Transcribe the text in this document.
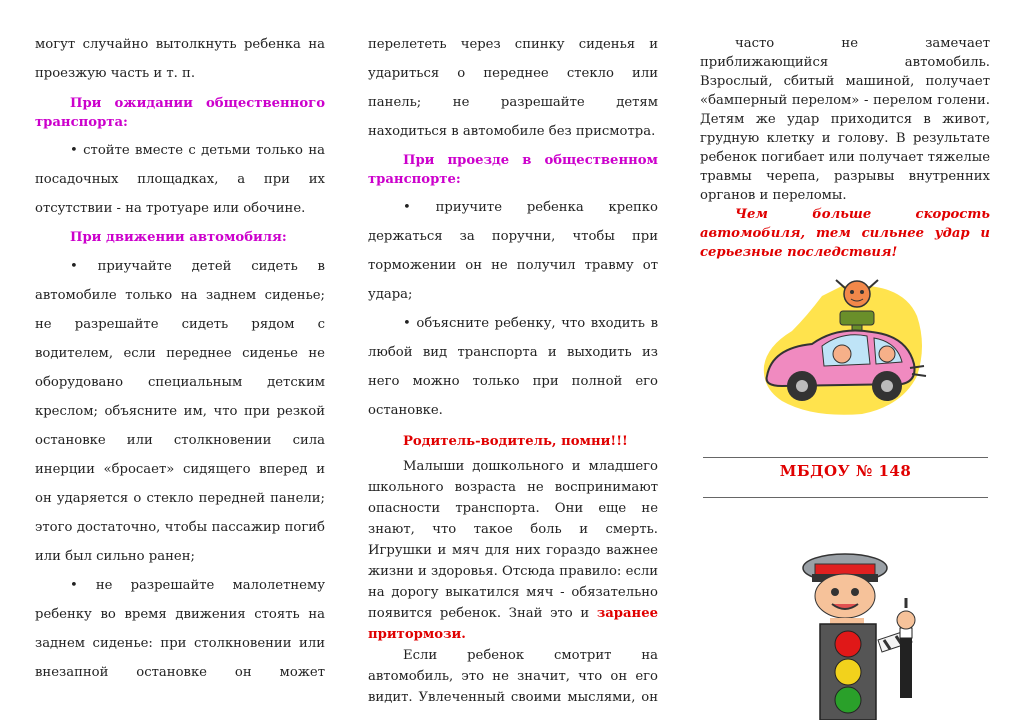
могут случайно вытолкнуть ребенка на проезжую часть и т. п.

При ожидании общественного транспорта:

• стойте вместе с детьми только на посадочных площадках, а при их отсутствии - на тротуаре или обочине.

При движении автомобиля:

• приучайте детей сидеть в автомобиле только на заднем сиденье; не разрешайте сидеть рядом с водителем, если переднее сиденье не оборудовано специальным детским креслом; объясните им, что при резкой остановке или столкновении сила инерции «бросает» сидящего вперед и он ударяется о стекло передней панели; этого достаточно, чтобы пассажир погиб или был сильно ранен;

• не разрешайте малолетнему ребенку во время движения стоять на заднем сиденье: при столкновении или внезапной остановке он может

перелететь через спинку сиденья и удариться о переднее стекло или панель; не разрешайте детям находиться в автомобиле без присмотра.

При проезде в общественном транспорте:

• приучите ребенка крепко держаться за поручни, чтобы при торможении он не получил травму от удара;

• объясните ребенку, что входить в любой вид транспорта и выходить из него можно только при полной его остановке.

Родитель-водитель, помни!!!

Малыши дошкольного и младшего школьного возраста не воспринимают опасности транспорта. Они еще не знают, что такое боль и смерть. Игрушки и мяч для них гораздо важнее жизни и здоровья. Отсюда правило: если на дорогу выкатился мяч - обязательно появится ребенок. Знай это и заранее притормози.

Если ребенок смотрит на автомобиль, это не значит, что он его видит. Увлеченный своими мыслями, он

часто не замечает приближающийся автомобиль. Взрослый, сбитый машиной, получает «бамперный перелом» - перелом голени. Детям же удар приходится в живот, грудную клетку и голову. В результате ребенок погибает или получает тяжелые травмы черепа, разрывы внутренних органов и переломы.

Чем больше скорость автомобиля, тем сильнее удар и серьезные последствия!

МБДОУ № 148
